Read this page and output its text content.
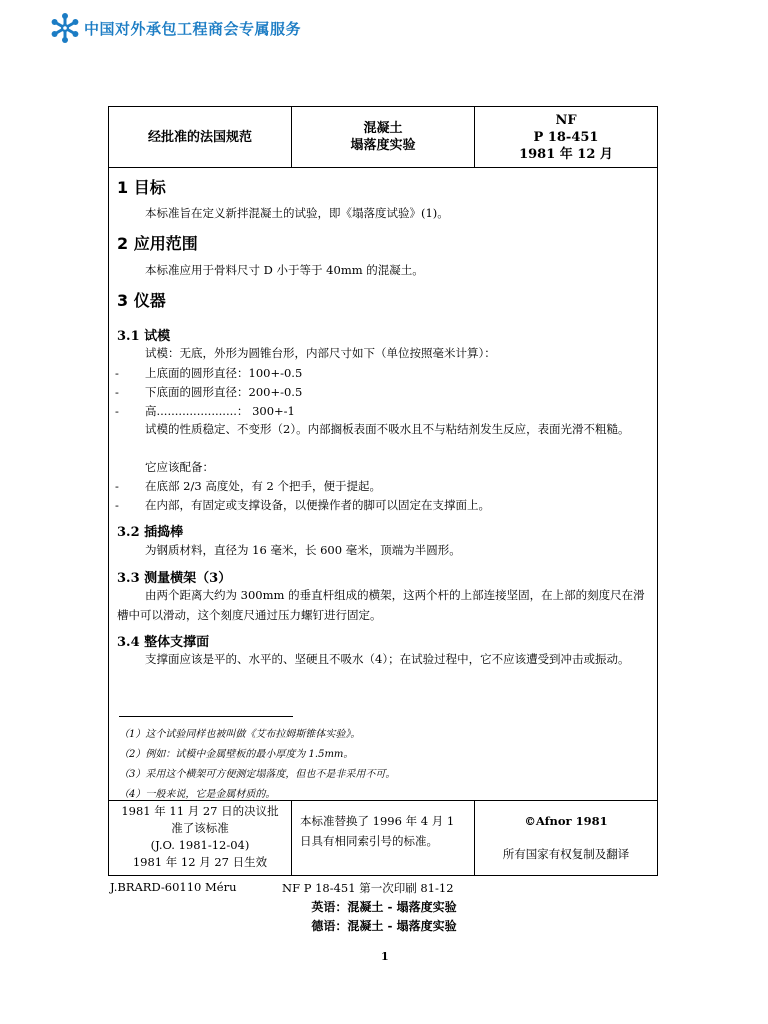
中国对外承包工程商会专属服务
经批准的法国规范
混凝土
塌落度实验
NF
P 18-451
1981 年 12 月
1 目标
本标准旨在定义新拌混凝土的试验，即《塌落度试验》(1)。
2 应用范围
本标准应用于骨料尺寸 D 小于等于 40mm 的混凝土。
3 仪器
3.1 试模
试模：无底，外形为圆锥台形，内部尺寸如下（单位按照毫米计算）：
- 上底面的圆形直径：100+-0.5
- 下底面的圆形直径：200+-0.5
- 高......................： 300+-1
试模的性质稳定、不变形（2）。内部搁板表面不吸水且不与粘结剂发生反应，表面光滑不粗糙。
它应该配备：
- 在底部 2/3 高度处，有 2 个把手，便于提起。
- 在内部，有固定或支撑设备，以便操作者的脚可以固定在支撑面上。
3.2 插捣棒
为钢质材料，直径为 16 毫米，长 600 毫米，顶端为半圆形。
3.3 测量横架（3）
由两个距离大约为 300mm 的垂直杆组成的横架，这两个杆的上部连接坚固，在上部的刻度尺在滑槽中可以滑动，这个刻度尺通过压力螺钉进行固定。
3.4 整体支撑面
支撑面应该是平的、水平的、坚硬且不吸水（4）；在试验过程中，它不应该遭受到冲击或振动。
（1）这个试验同样也被叫做《艾布拉姆斯锥体实验》。
（2）例如：试模中金属壁板的最小厚度为 1.5mm。
（3）采用这个横架可方便测定塌落度，但也不是非采用不可。
（4）一般来说，它是金属材质的。
1981 年 11 月 27 日的决议批
准了该标准
(J.O. 1981-12-04)
1981 年 12 月 27 日生效
本标准替换了 1996 年 4 月 1 日具有相同索引号的标准。
©Afnor 1981
所有国家有权复制及翻译
J.BRARD-60110 Méru	NF P 18-451 第一次印刷 81-12
英语：混凝土 - 塌落度实验
德语：混凝土 - 塌落度实验
1
